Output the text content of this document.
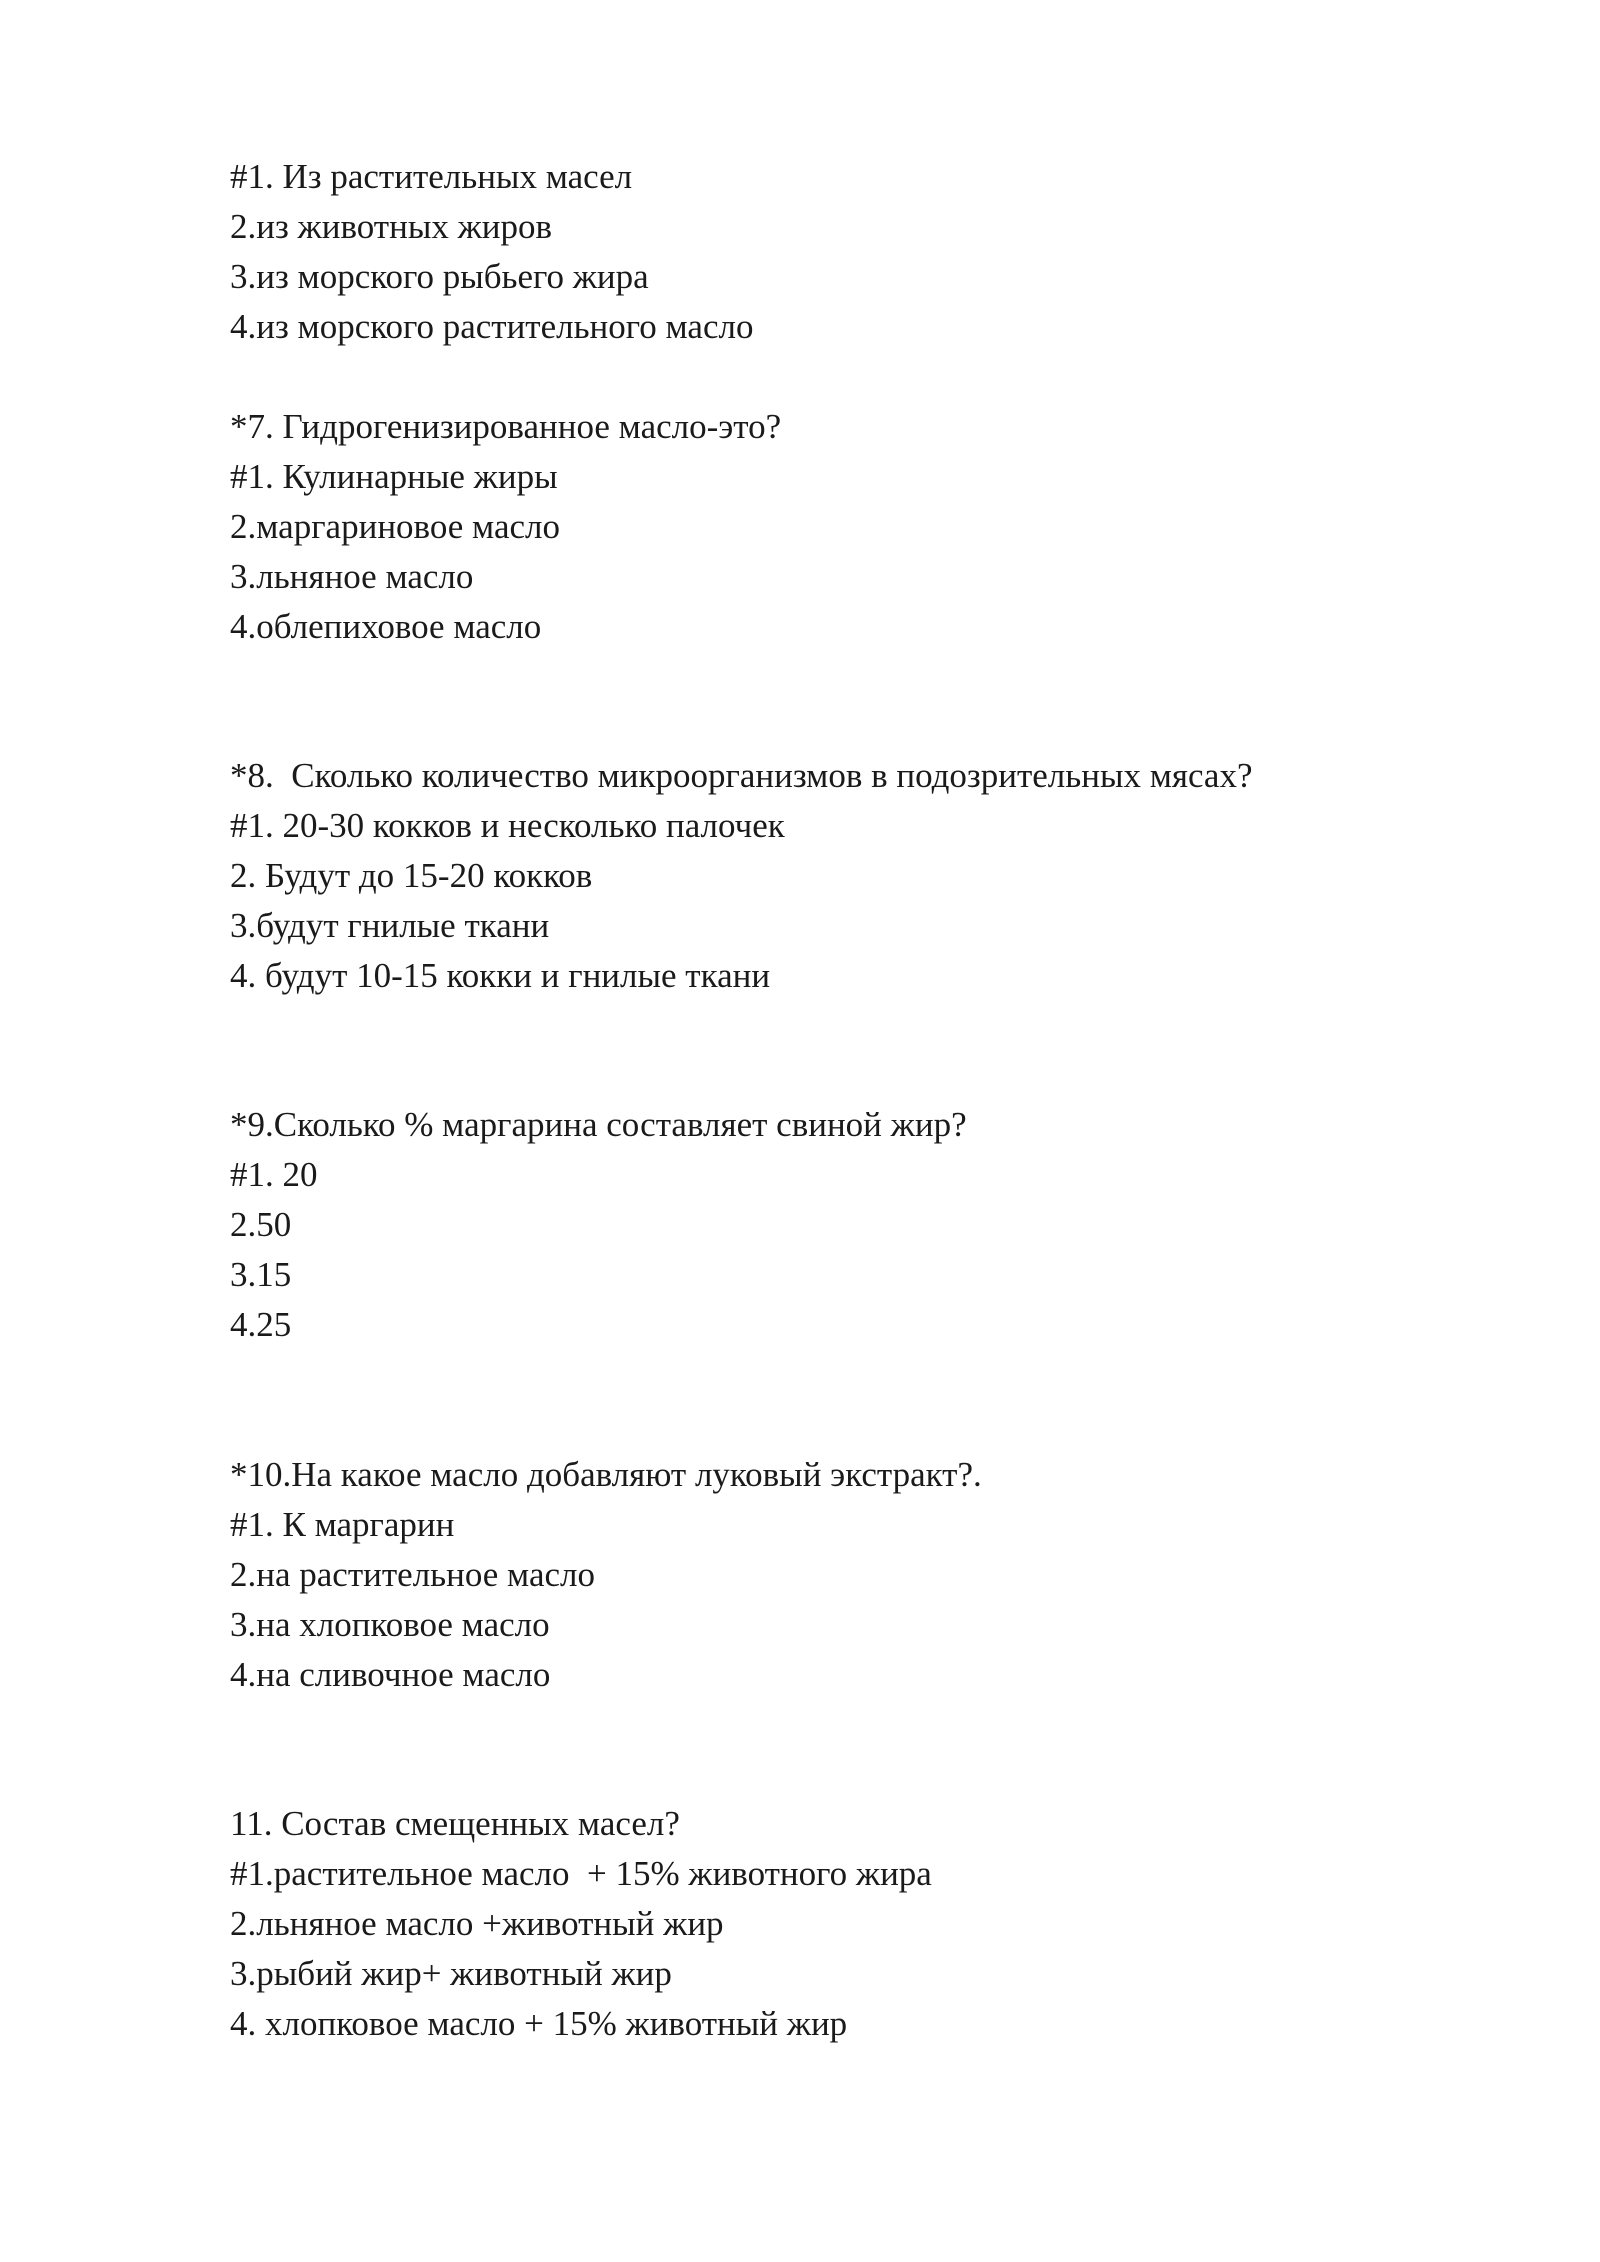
#1. Из растительных масел
2.из животных жиров
3.из морского рыбьего жира
4.из морского растительного масло
*7. Гидрогенизированное масло-это?
#1. Кулинарные жиры
2.маргариновое масло
3.льняное масло
4.облепиховое масло
*8.  Сколько количество микроорганизмов в подозрительных мясах?
#1. 20-30 кокков и несколько палочек
2. Будут до 15-20 кокков
3.будут гнилые ткани
4. будут 10-15 кокки и гнилые ткани
*9.Сколько % маргарина составляет свиной жир?
#1. 20
2.50
3.15
4.25
*10.На какое масло добавляют луковый экстракт?.
#1. К маргарин
2.на растительное масло
3.на хлопковое масло
4.на сливочное масло
11. Состав смещенных масел?
#1.растительное масло  + 15% животного жира
2.льняное масло +животный жир
3.рыбий жир+ животный жир
4. хлопковое масло + 15% животный жир
